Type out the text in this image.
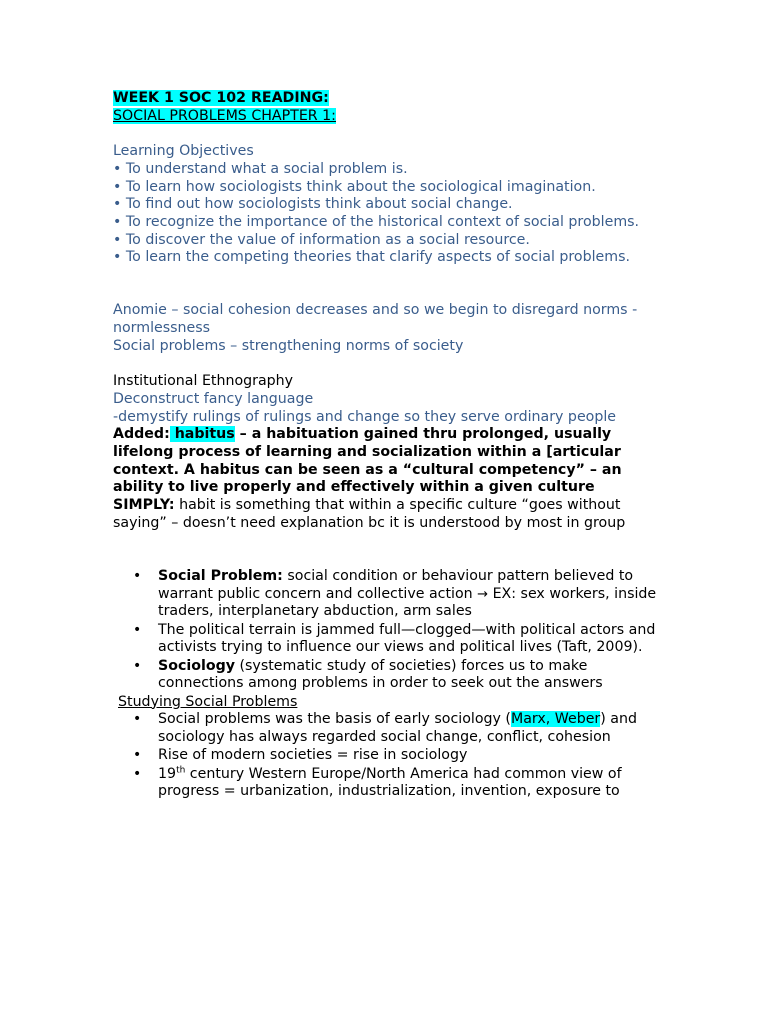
WEEK 1 SOC 102 READING:

SOCIAL PROBLEMS CHAPTER 1:

Learning Objectives

• To understand what a social problem is.

• To learn how sociologists think about the sociological imagination.

• To find out how sociologists think about social change.

• To recognize the importance of the historical context of social problems.

• To discover the value of information as a social resource.

• To learn the competing theories that clarify aspects of social problems.

Anomie – social cohesion decreases and so we begin to disregard norms - normlessness

Social problems – strengthening norms of society

Institutional Ethnography

Deconstruct fancy language

-demystify rulings of rulings and change so they serve ordinary people

Added: habitus – a habituation gained thru prolonged, usually lifelong process of learning and socialization within a [articular context. A habitus can be seen as a “cultural competency” – an ability to live properly and effectively within a given culture

SIMPLY: habit is something that within a specific culture “goes without saying” – doesn’t need explanation bc it is understood by most in group

• Social Problem: social condition or behaviour pattern believed to warrant public concern and collective action → EX: sex workers, inside traders, interplanetary abduction, arm sales
• The political terrain is jammed full—clogged—with political actors and activists trying to influence our views and political lives (Taft, 2009).
• Sociology (systematic study of societies) forces us to make connections among problems in order to seek out the answers

Studying Social Problems

• Social problems was the basis of early sociology (Marx, Weber) and sociology has always regarded social change, conflict, cohesion
• Rise of modern societies = rise in sociology
• 19th century Western Europe/North America had common view of progress = urbanization, industrialization, invention, exposure to
